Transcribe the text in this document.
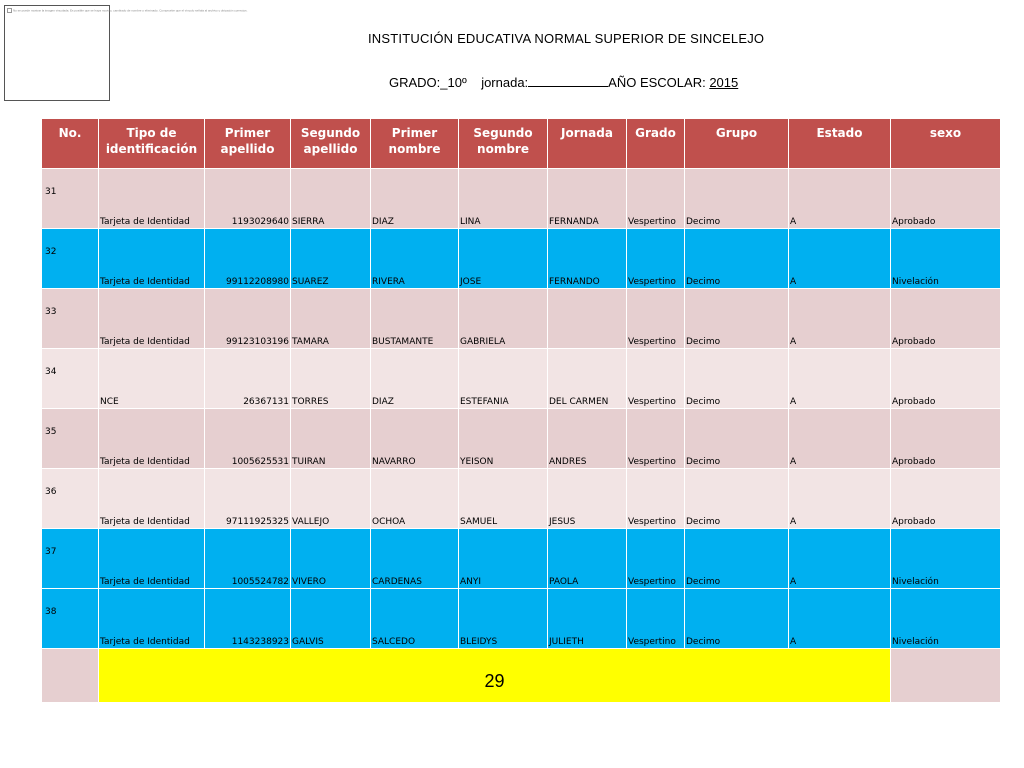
No se puede mostrar la imagen vinculada. Es posible que se haya movido, cambiado de nombre o eliminado. Compruebe que el vínculo señala al archivo y ubicación correctos.
INSTITUCIÓN EDUCATIVA NORMAL SUPERIOR DE SINCELEJO
GRADO:_10º jornada:	AÑO ESCOLAR: 2015
No.	Tipo de identificación	Primer apellido	Segundo apellido	Primer nombre	Segundo nombre	Jornada	Grado	Grupo	Estado	sexo
31	Tarjeta de Identidad	1193029640	SIERRA	DIAZ	LINA	FERNANDA	Vespertino	Decimo	A	Aprobado
32	Tarjeta de Identidad	99112208980	SUAREZ	RIVERA	JOSE	FERNANDO	Vespertino	Decimo	A	Nivelación
33	Tarjeta de Identidad	99123103196	TAMARA	BUSTAMANTE	GABRIELA		Vespertino	Decimo	A	Aprobado
34	NCE	26367131	TORRES	DIAZ	ESTEFANIA	DEL CARMEN	Vespertino	Decimo	A	Aprobado
35	Tarjeta de Identidad	1005625531	TUIRAN	NAVARRO	YEISON	ANDRES	Vespertino	Decimo	A	Aprobado
36	Tarjeta de Identidad	97111925325	VALLEJO	OCHOA	SAMUEL	JESUS	Vespertino	Decimo	A	Aprobado
37	Tarjeta de Identidad	1005524782	VIVERO	CARDENAS	ANYI	PAOLA	Vespertino	Decimo	A	Nivelación
38	Tarjeta de Identidad	1143238923	GALVIS	SALCEDO	BLEIDYS	JULIETH	Vespertino	Decimo	A	Nivelación
	29									
